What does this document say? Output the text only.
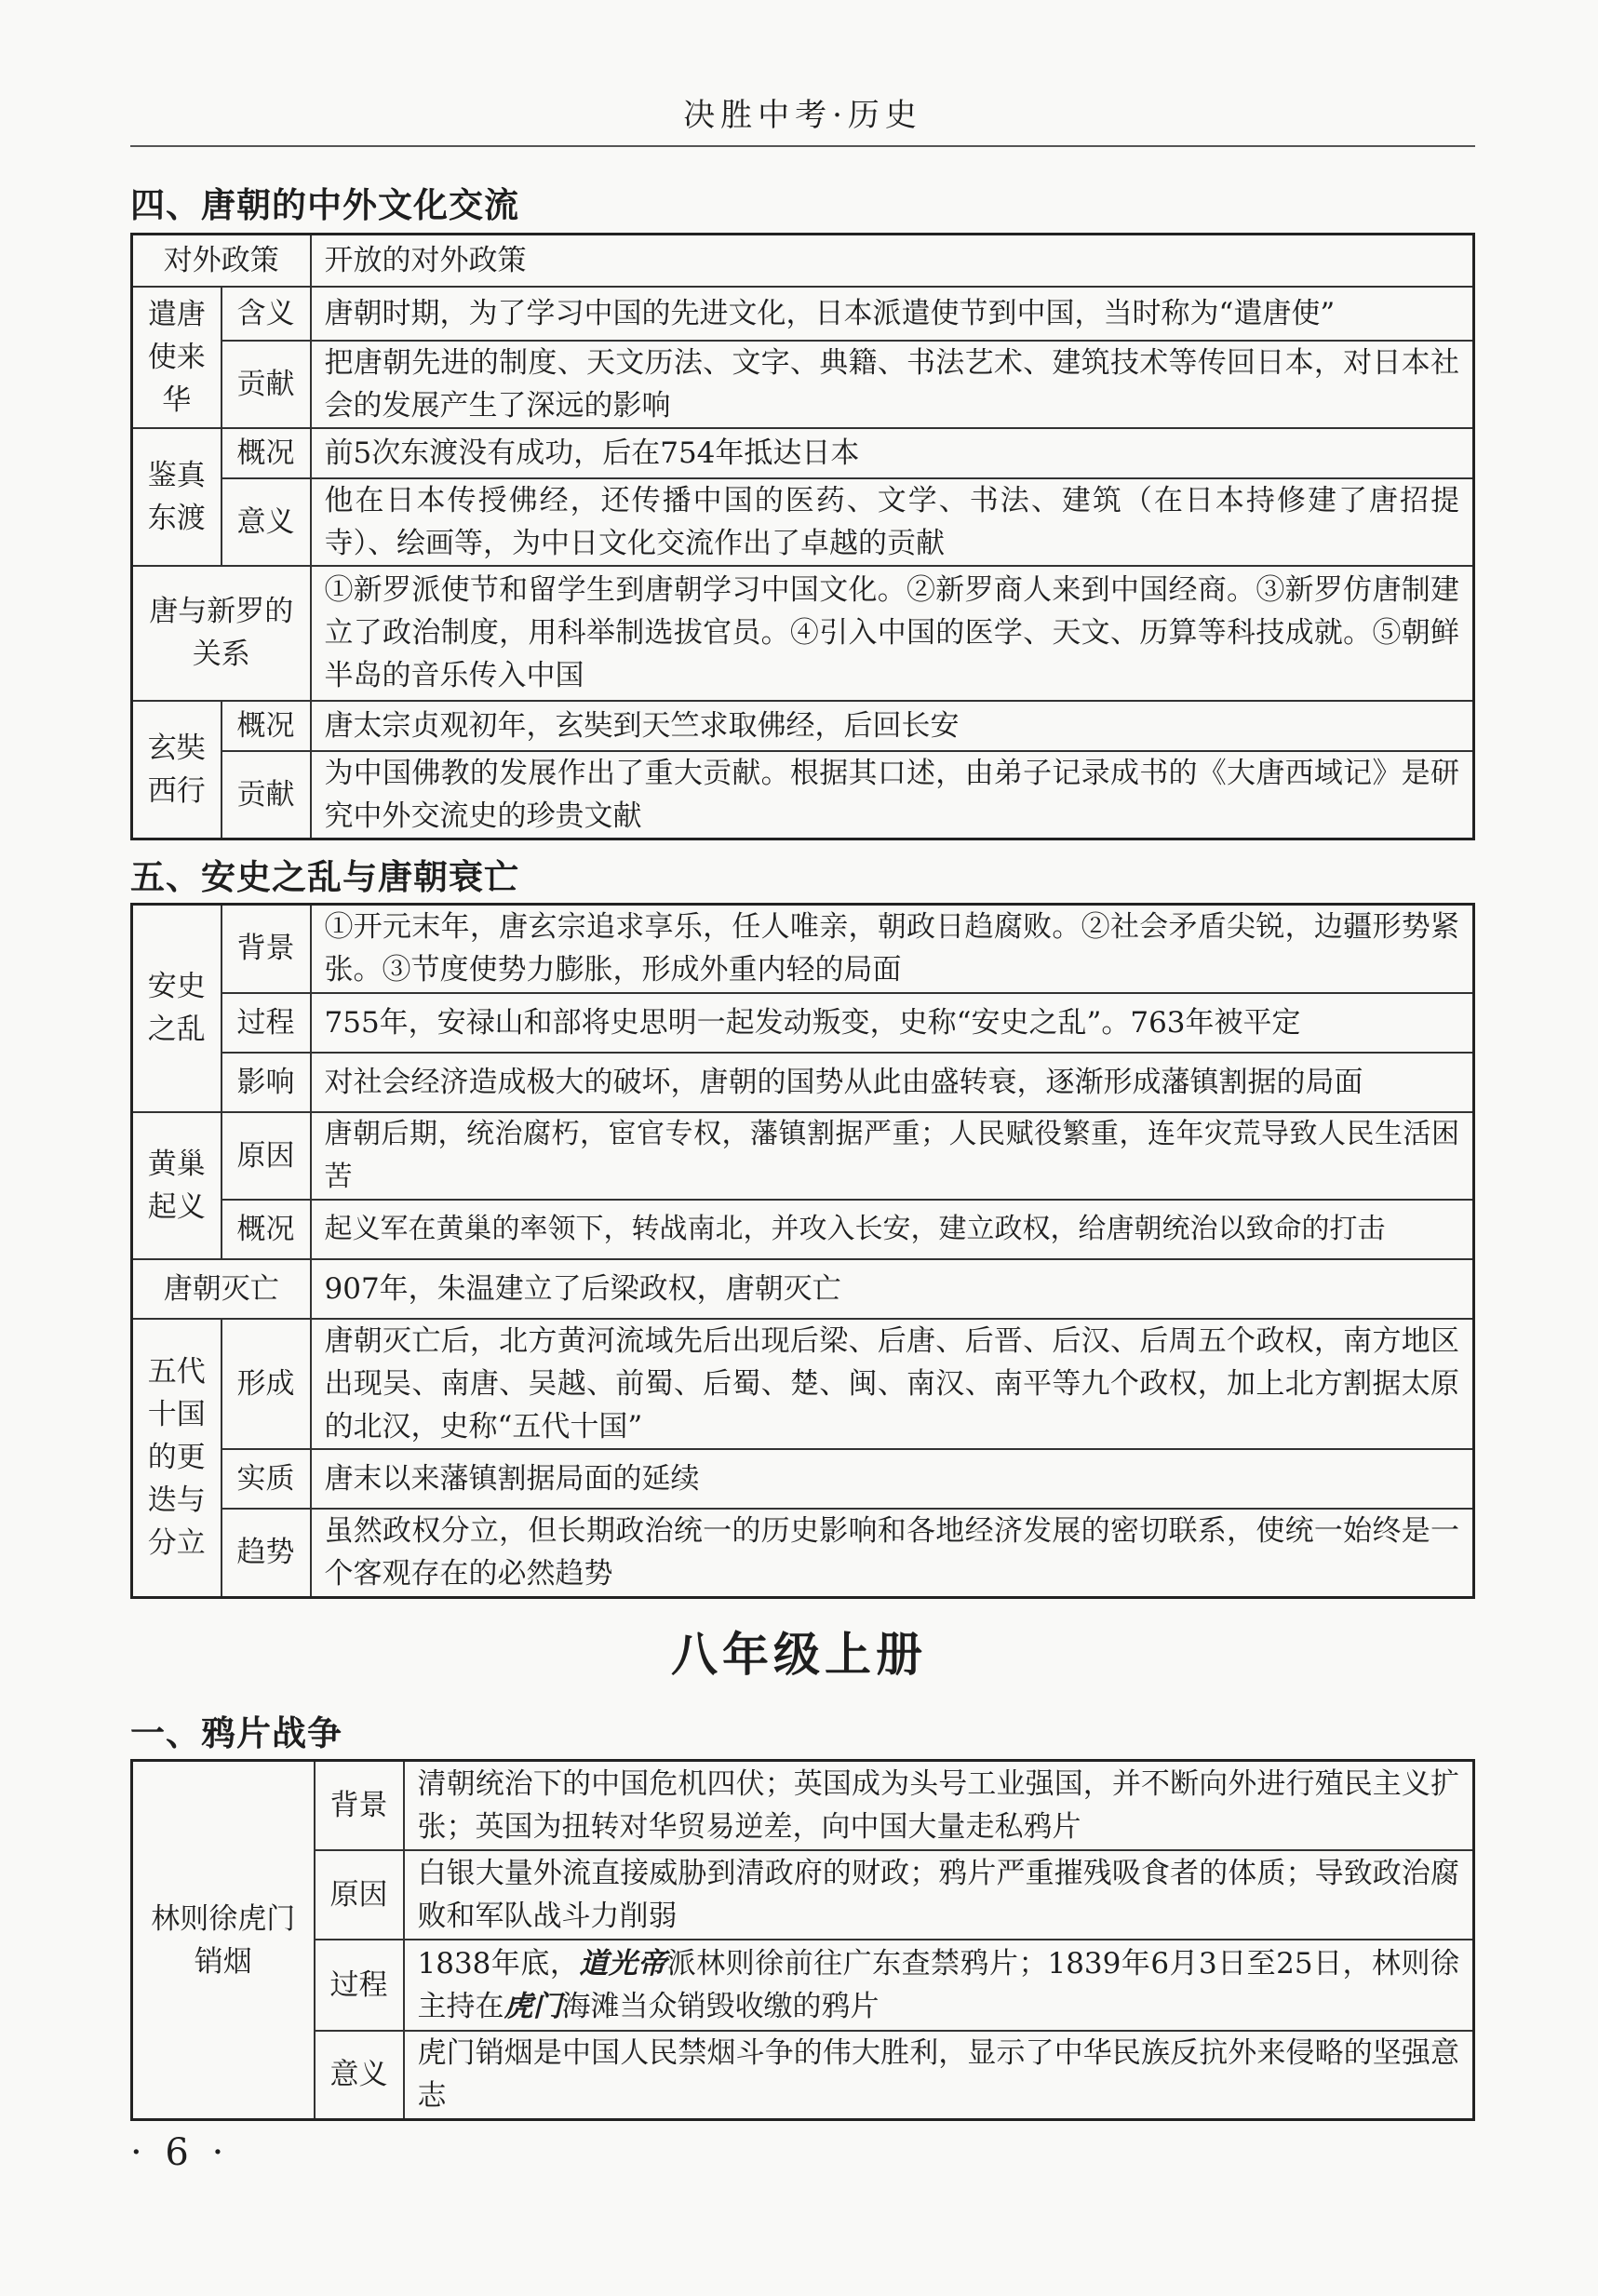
决胜中考·历史
四、唐朝的中外文化交流
对外政策		开放的对外政策
遣唐使来华	含义	唐朝时期，为了学习中国的先进文化，日本派遣使节到中国，当时称为“遣唐使”
	贡献	把唐朝先进的制度、天文历法、文字、典籍、书法艺术、建筑技术等传回日本，对日本社会的发展产生了深远的影响
鉴真东渡	概况	前5次东渡没有成功，后在754年抵达日本
	意义	他在日本传授佛经，还传播中国的医药、文学、书法、建筑（在日本持修建了唐招提寺）、绘画等，为中日文化交流作出了卓越的贡献
唐与新罗的关系		①新罗派使节和留学生到唐朝学习中国文化。②新罗商人来到中国经商。③新罗仿唐制建立了政治制度，用科举制选拔官员。④引入中国的医学、天文、历算等科技成就。⑤朝鲜半岛的音乐传入中国
玄奘西行	概况	唐太宗贞观初年，玄奘到天竺求取佛经，后回长安
	贡献	为中国佛教的发展作出了重大贡献。根据其口述，由弟子记录成书的《大唐西域记》是研究中外交流史的珍贵文献
五、安史之乱与唐朝衰亡
安史之乱	背景	①开元末年，唐玄宗追求享乐，任人唯亲，朝政日趋腐败。②社会矛盾尖锐，边疆形势紧张。③节度使势力膨胀，形成外重内轻的局面
	过程	755年，安禄山和部将史思明一起发动叛变，史称“安史之乱”。763年被平定
	影响	对社会经济造成极大的破坏，唐朝的国势从此由盛转衰，逐渐形成藩镇割据的局面
黄巢起义	原因	唐朝后期，统治腐朽，宦官专权，藩镇割据严重；人民赋役繁重，连年灾荒导致人民生活困苦
	概况	起义军在黄巢的率领下，转战南北，并攻入长安，建立政权，给唐朝统治以致命的打击
唐朝灭亡		907年，朱温建立了后梁政权，唐朝灭亡
五代十国的更迭与分立	形成	唐朝灭亡后，北方黄河流域先后出现后梁、后唐、后晋、后汉、后周五个政权，南方地区出现吴、南唐、吴越、前蜀、后蜀、楚、闽、南汉、南平等九个政权，加上北方割据太原的北汉，史称“五代十国”
	实质	唐末以来藩镇割据局面的延续
	趋势	虽然政权分立，但长期政治统一的历史影响和各地经济发展的密切联系，使统一始终是一个客观存在的必然趋势
八年级上册
一、鸦片战争
林则徐虎门销烟	背景	清朝统治下的中国危机四伏；英国成为头号工业强国，并不断向外进行殖民主义扩张；英国为扭转对华贸易逆差，向中国大量走私鸦片
	原因	白银大量外流直接威胁到清政府的财政；鸦片严重摧残吸食者的体质；导致政治腐败和军队战斗力削弱
	过程	1838年底，道光帝派林则徐前往广东查禁鸦片；1839年6月3日至25日，林则徐主持在虎门海滩当众销毁收缴的鸦片
	意义	虎门销烟是中国人民禁烟斗争的伟大胜利，显示了中华民族反抗外来侵略的坚强意志
· 6 ·
